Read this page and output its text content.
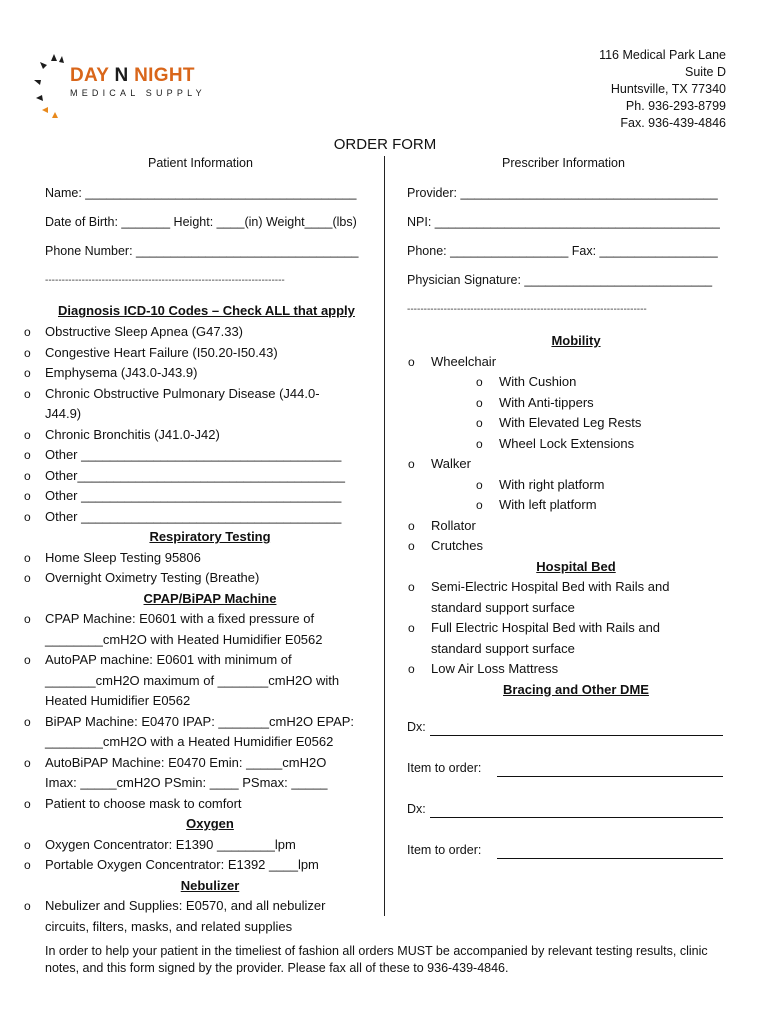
DAY N NIGHT
MEDICAL SUPPLY
116 Medical Park Lane
Suite D
Huntsville, TX 77340
Ph. 936-293-8799
Fax. 936-439-4846
ORDER FORM
Patient Information	Prescriber Information
Name: _______________________________________
Date of Birth: _______ Height: ____(in) Weight____(lbs)
Phone Number: ________________________________
------------------------------------------------------------------------
Provider: _____________________________________
NPI: _________________________________________
Phone: _________________ Fax: _________________
Physician Signature: ___________________________
------------------------------------------------------------------------
Diagnosis ICD-10 Codes – Check ALL that apply
o Obstructive Sleep Apnea (G47.33)
o Congestive Heart Failure (I50.20-I50.43)
o Emphysema (J43.0-J43.9)
o Chronic Obstructive Pulmonary Disease (J44.0-
J44.9)
o Chronic Bronchitis (J41.0-J42)
o Other ____________________________________
o Other_____________________________________
o Other ____________________________________
o Other ____________________________________
Respiratory Testing
o Home Sleep Testing 95806
o Overnight Oximetry Testing (Breathe)
CPAP/BiPAP Machine
o CPAP Machine: E0601 with a fixed pressure of
________cmH2O with Heated Humidifier E0562
o AutoPAP machine: E0601 with minimum of
_______cmH2O maximum of _______cmH2O with
Heated Humidifier E0562
o BiPAP Machine: E0470 IPAP: _______cmH2O EPAP:
________cmH2O with a Heated Humidifier E0562
o AutoBiPAP Machine: E0470 Emin: _____cmH2O
Imax: _____cmH2O PSmin: ____ PSmax: _____
o Patient to choose mask to comfort
Oxygen
o Oxygen Concentrator: E1390 ________lpm
o Portable Oxygen Concentrator: E1392 ____lpm
Nebulizer
o Nebulizer and Supplies: E0570, and all nebulizer
circuits, filters, masks, and related supplies
Mobility
o Wheelchair
o With Cushion
o With Anti-tippers
o With Elevated Leg Rests
o Wheel Lock Extensions
o Walker
o With right platform
o With left platform
o Rollator
o Crutches
Hospital Bed
o Semi-Electric Hospital Bed with Rails and
standard support surface
o Full Electric Hospital Bed with Rails and
standard support surface
o Low Air Loss Mattress
Bracing and Other DME
Dx:
Item to order:
Dx:
Item to order:
In order to help your patient in the timeliest of fashion all orders MUST be accompanied by relevant testing results, clinic notes, and this form signed by the provider. Please fax all of these to 936-439-4846.
